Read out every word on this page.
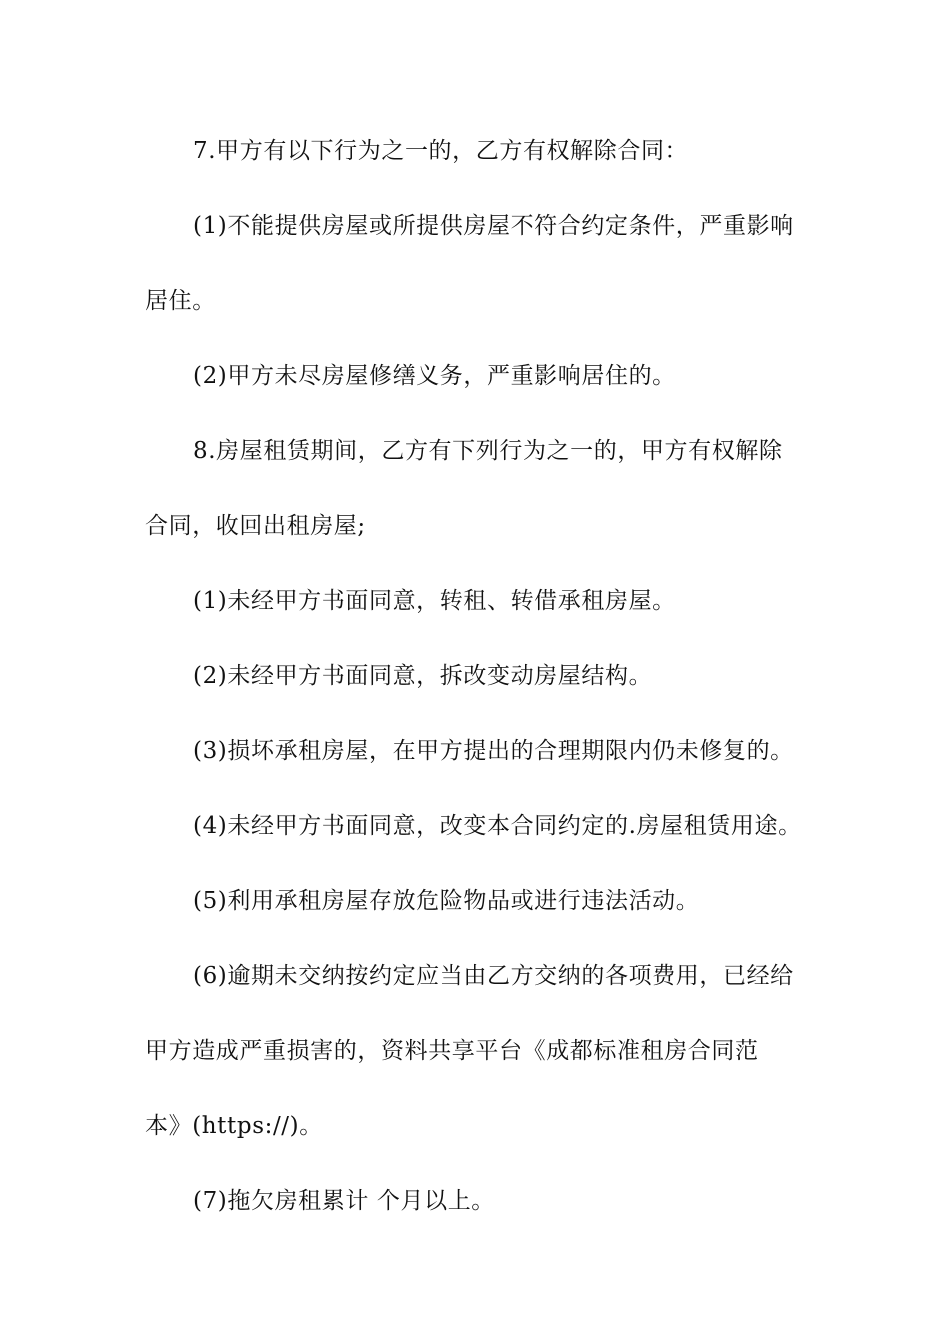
7.甲方有以下行为之一的，乙方有权解除合同：
(1)不能提供房屋或所提供房屋不符合约定条件，严重影响
居住。
(2)甲方未尽房屋修缮义务，严重影响居住的。
8.房屋租赁期间，乙方有下列行为之一的，甲方有权解除
合同，收回出租房屋;
(1)未经甲方书面同意，转租、转借承租房屋。
(2)未经甲方书面同意，拆改变动房屋结构。
(3)损坏承租房屋，在甲方提出的合理期限内仍未修复的。
(4)未经甲方书面同意，改变本合同约定的.房屋租赁用途。
(5)利用承租房屋存放危险物品或进行违法活动。
(6)逾期未交纳按约定应当由乙方交纳的各项费用，已经给
甲方造成严重损害的，资料共享平台《成都标准租房合同范
本》(https://)。
(7)拖欠房租累计 个月以上。
